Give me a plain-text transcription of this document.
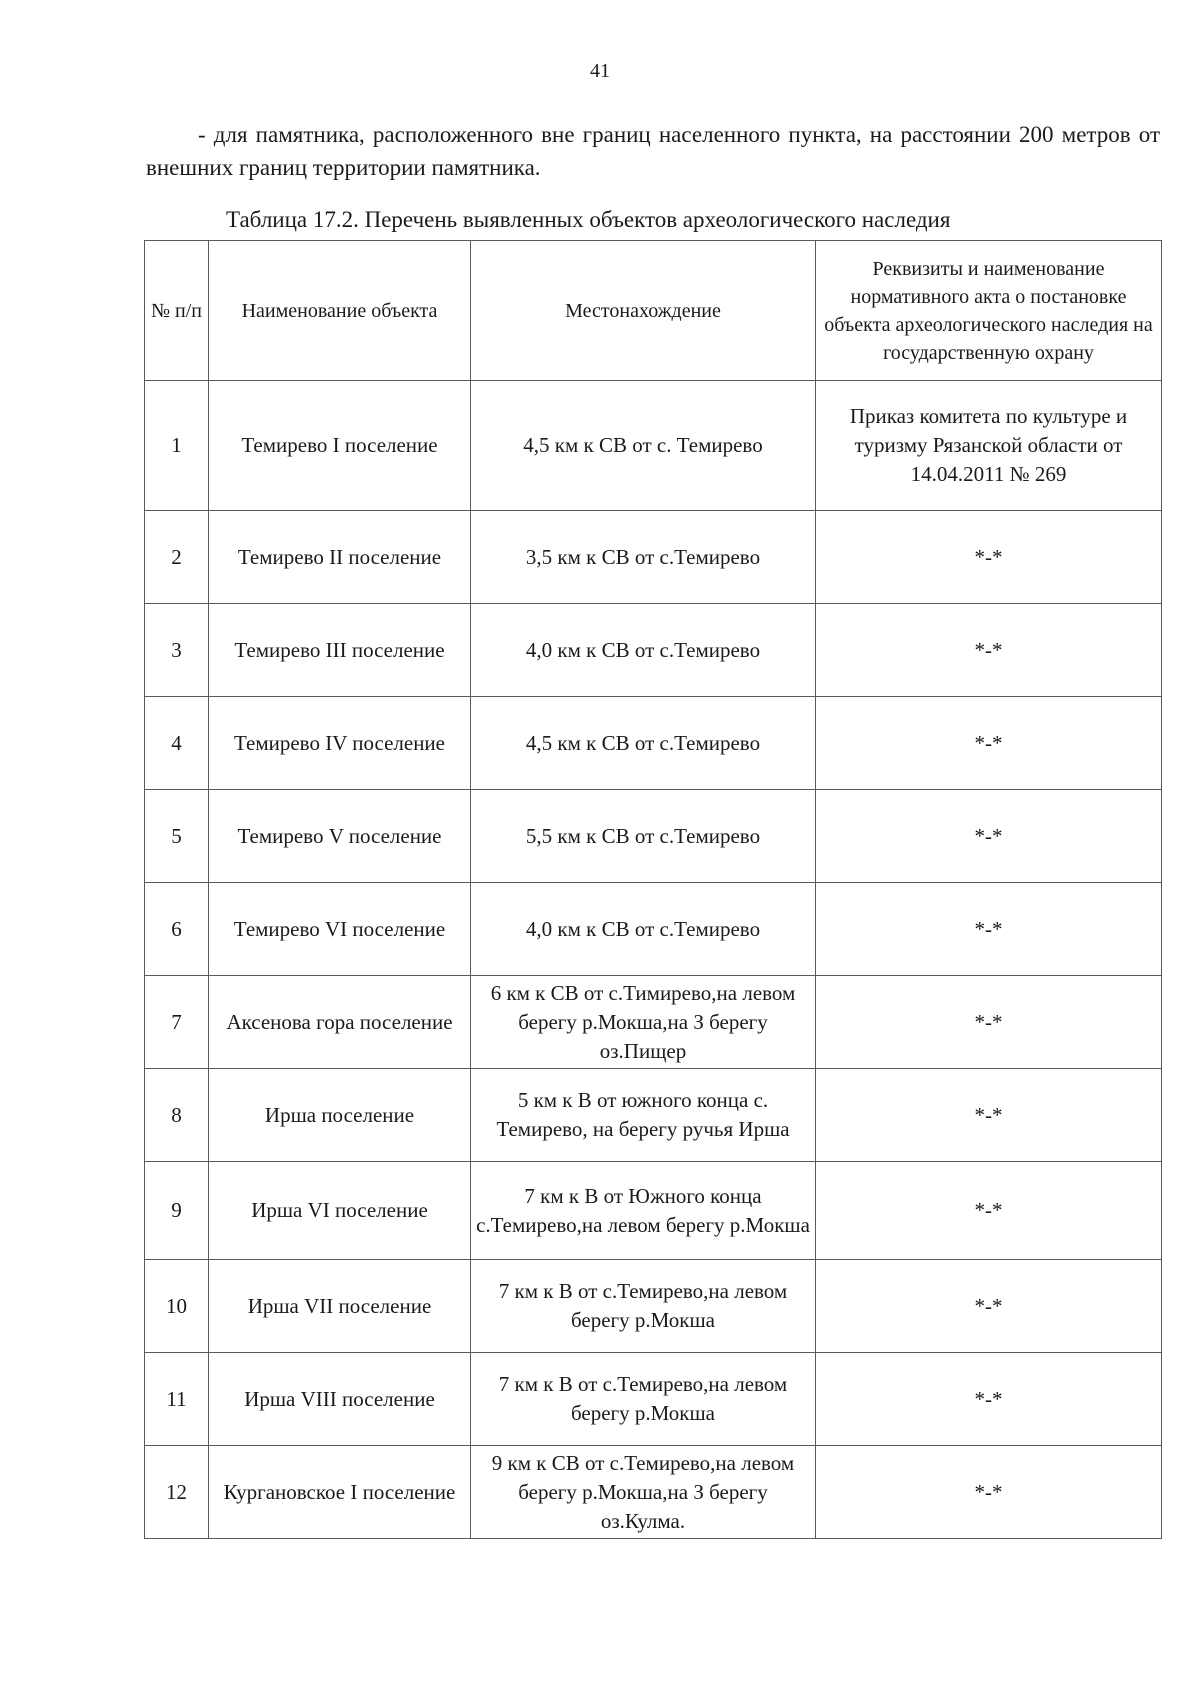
41

- для памятника, расположенного вне границ населенного пункта, на расстоянии 200 метров от внешних границ территории памятника.

Таблица 17.2. Перечень выявленных объектов археологического наследия
№ п/п	Наименование объекта	Местонахождение	Реквизиты и наименование нормативного акта о постановке объекта археологического наследия на государственную охрану
1	Темирево I поселение	4,5 км к СВ от с. Темирево	Приказ комитета по культуре и туризму Рязанской области от 14.04.2011 № 269
2	Темирево II поселение	3,5 км к СВ от с.Темирево	*-*
3	Темирево III поселение	4,0 км к СВ от с.Темирево	*-*
4	Темирево IV поселение	4,5 км к СВ от с.Темирево	*-*
5	Темирево V поселение	5,5 км к СВ от с.Темирево	*-*
6	Темирево VI поселение	4,0 км к СВ от с.Темирево	*-*
7	Аксенова гора поселение	6 км к СВ от с.Тимирево,на левом берегу р.Мокша,на З берегу оз.Пищер	*-*
8	Ирша поселение	5 км к В от южного конца с. Темирево, на берегу ручья Ирша	*-*
9	Ирша VI поселение	7 км к В от Южного конца с.Темирево,на левом берегу р.Мокша	*-*
10	Ирша VII поселение	7 км к В от с.Темирево,на левом берегу р.Мокша	*-*
11	Ирша VIII поселение	7 км к В от с.Темирево,на левом берегу р.Мокша	*-*
12	Кургановское I поселение	9 км к СВ от с.Темирево,на левом берегу р.Мокша,на З берегу оз.Кулма.	*-*
